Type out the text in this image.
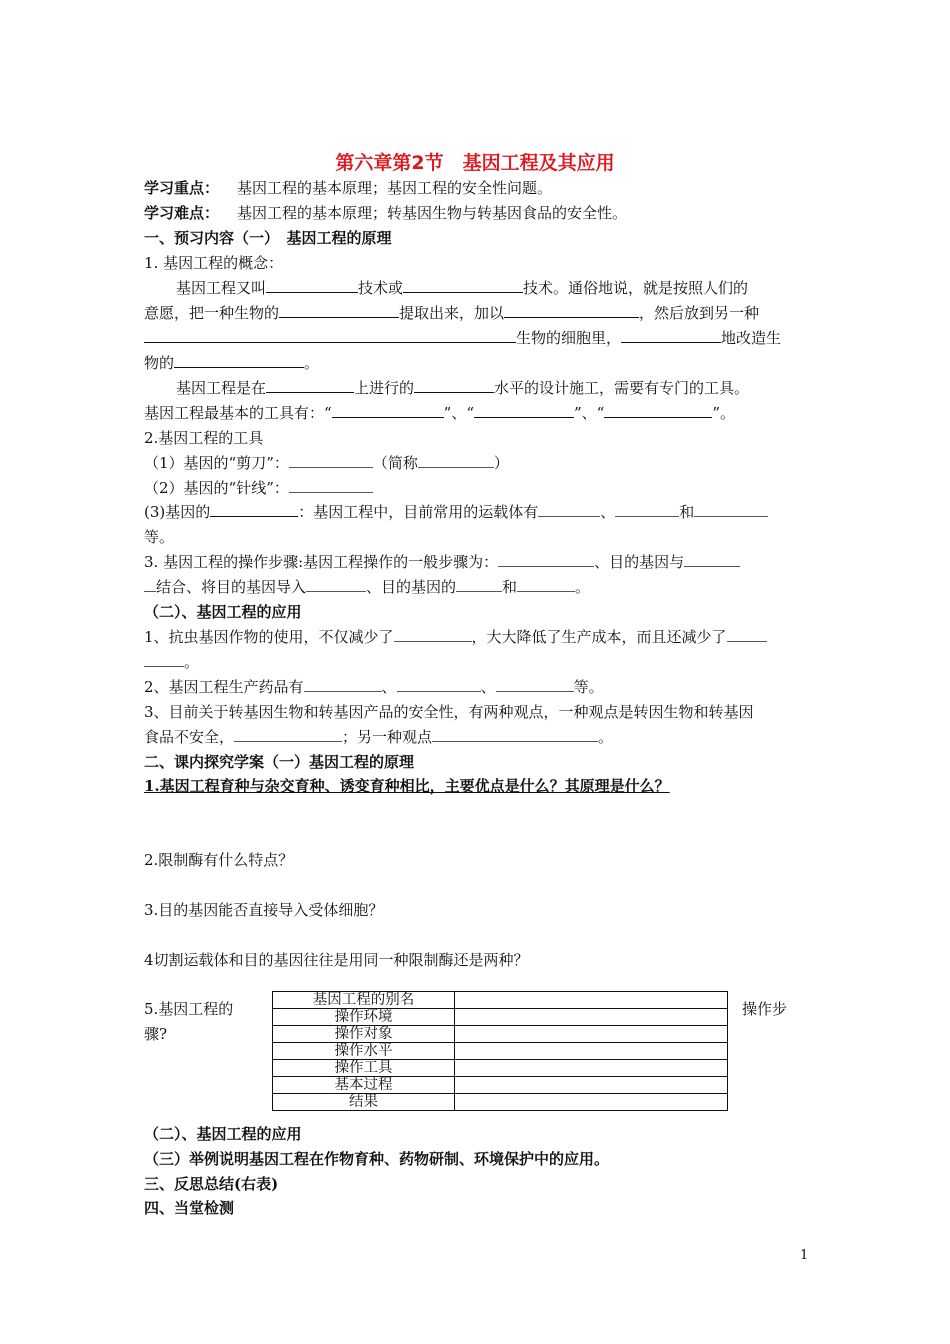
第六章第2节　基因工程及其应用
学习重点： 基因工程的基本原理；基因工程的安全性问题。
学习难点： 基因工程的基本原理；转基因生物与转基因食品的安全性。
一、预习内容（一）　基因工程的原理
1. 基因工程的概念：
基因工程又叫	技术或	技术。通俗地说，就是按照人们的
意愿，把一种生物的	提取出来，加以	，然后放到另一种
生物的细胞里，	地改造生
物的	。
基因工程是在	上进行的	水平的设计施工，需要有专门的工具。
基因工程最基本的工具有：“	”、“	”、“	”。
2.基因工程的工具
（1）基因的“剪刀”：	（简称	）
（2）基因的“针线”：
(3)基因的	：基因工程中，目前常用的运载体有	、	和
等。
3. 基因工程的操作步骤:基因工程操作的一般步骤为：	、目的基因与
结合、将目的基因导入	、目的基因的	和	。
（二）、基因工程的应用
1、抗虫基因作物的使用，不仅减少了	，大大降低了生产成本，而且还减少了
。
2、基因工程生产药品有	、	、	等。
3、目前关于转基因生物和转基因产品的安全性，有两种观点，一种观点是转因生物和转基因
食品不安全，	；另一种观点	。
二、课内探究学案（一）基因工程的原理
1.基因工程育种与杂交育种、诱变育种相比，主要优点是什么？其原理是什么？
2.限制酶有什么特点？
3.目的基因能否直接导入受体细胞？
4切割运载体和目的基因往往是用同一种限制酶还是两种？
5.基因工程的
骤?
操作步
基因工程的别名	
操作环境	
操作对象	
操作水平	
操作工具	
基本过程	
结果	
（二）、基因工程的应用
（三）举例说明基因工程在作物育种、药物研制、环境保护中的应用。
三、反思总结(右表)
四、当堂检测
1
